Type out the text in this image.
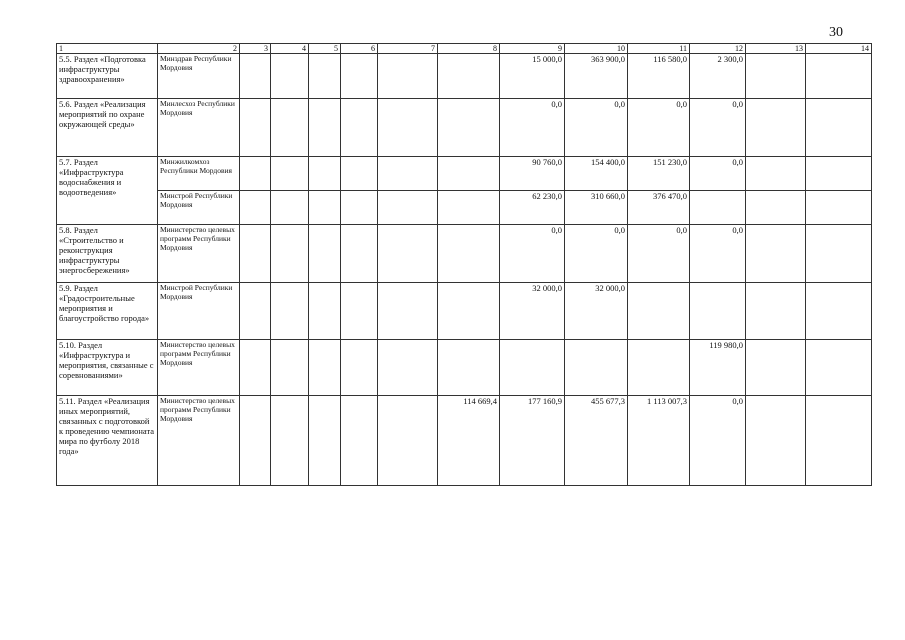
30
1	2	3	4	5	6	7	8	9	10	11	12	13	14
5.5. Раздел «Подготовка инфраструктуры здравоохранения»	Минздрав Республики Мордовия							15 000,0	363 900,0	116 580,0	2 300,0		
5.6. Раздел «Реализация мероприятий по охране окружающей среды»	Минлесхоз Республики Мордовия							0,0	0,0	0,0	0,0		
5.7. Раздел «Инфраструктура водоснабжения и водоотведения»	Минжилкомхоз Республики Мордовия							90 760,0	154 400,0	151 230,0	0,0		
	Минстрой Республики Мордовия							62 230,0	310 660,0	376 470,0			
5.8. Раздел «Строительство и реконструкция инфраструктуры энергосбережения»	Министерство целевых программ Республики Мордовия							0,0	0,0	0,0	0,0		
5.9. Раздел «Градостроительные мероприятия и благоустройство города»	Минстрой Республики Мордовия							32 000,0	32 000,0				
5.10. Раздел «Инфраструктура и мероприятия, связанные с соревнованиями»	Министерство целевых программ Республики Мордовия										119 980,0		
5.11. Раздел «Реализация иных мероприятий, связанных с подготовкой к проведению чемпионата мира по футболу 2018 года»	Министерство целевых программ Республики Мордовия						114 669,4	177 160,9	455 677,3	1 113 007,3	0,0		
